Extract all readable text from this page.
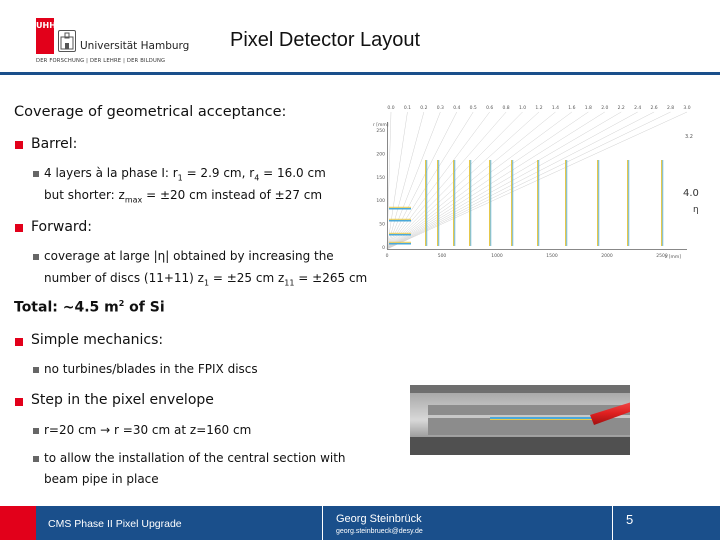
UHH
Universität Hamburg
DER FORSCHUNG | DER LEHRE | DER BILDUNG
Pixel Detector Layout
Coverage of geometrical acceptance:
Barrel:
4 layers à la phase I: $r_1 = 2.9$ cm, $r_4 = 16.0$ cm
but shorter: $z_{max} = \pm 20$ cm instead of ±27 cm
Forward:
coverage at large |η| obtained by increasing the
number of discs (11+11) $z_1 = \pm 25$ cm $z_{11} = \pm 265$ cm
Total: ~4.5 $m^2$ of Si
Simple mechanics:
no turbines/blades in the FPIX discs
Step in the pixel envelope
r=20 cm → r =30 cm at z=160 cm
to allow the installation of the central section with
beam pipe in place
0.0 0.1 0.2 0.3 0.4 0.5 0.6 0.8 1.0 1.2 1.4 1.6 1.8 2.0 2.2 2.4 2.6 2.8 3.0
250
200
150
100
50
0
0	500	1000	1500	2000	2500
r [mm]
z [mm]
3.2
4.0
η
CMS Phase II Pixel Upgrade	Georg Steinbrück
georg.steinbrueck@desy.de
5
